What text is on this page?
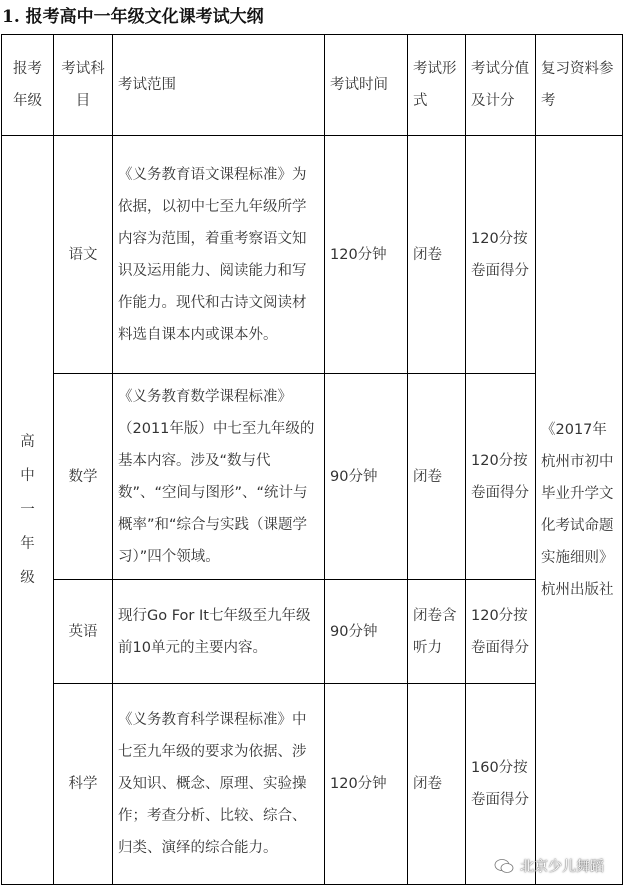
1. 报考高中一年级文化课考试大纲
报考年级	考试科目	考试范围	考试时间	考试形式	考试分值及计分	复习资料参考

高
中
一
年
级	语文	《义务教育语文课程标准》为依据，以初中七至九年级所学内容为范围，着重考察语文知识及运用能力、阅读能力和写作能力。现代和古诗文阅读材料选自课本内或课本外。	120分钟	闭卷	120分按卷面得分	《2017年杭州市初中毕业升学文化考试命题实施细则》杭州出版社
	数学	《义务教育数学课程标准》（2011年版）中七至九年级的基本内容。涉及“数与代数”、“空间与图形”、“统计与概率”和“综合与实践（课题学习）”四个领域。	90分钟	闭卷	120分按卷面得分	
	英语	现行Go For It七年级至九年级前10单元的主要内容。	90分钟	闭卷含听力	120分按卷面得分	
	科学	《义务教育科学课程标准》中七至九年级的要求为依据、涉及知识、概念、原理、实验操作；考查分析、比较、综合、归类、演绎的综合能力。	120分钟	闭卷	160分按卷面得分	
北京少儿舞蹈
